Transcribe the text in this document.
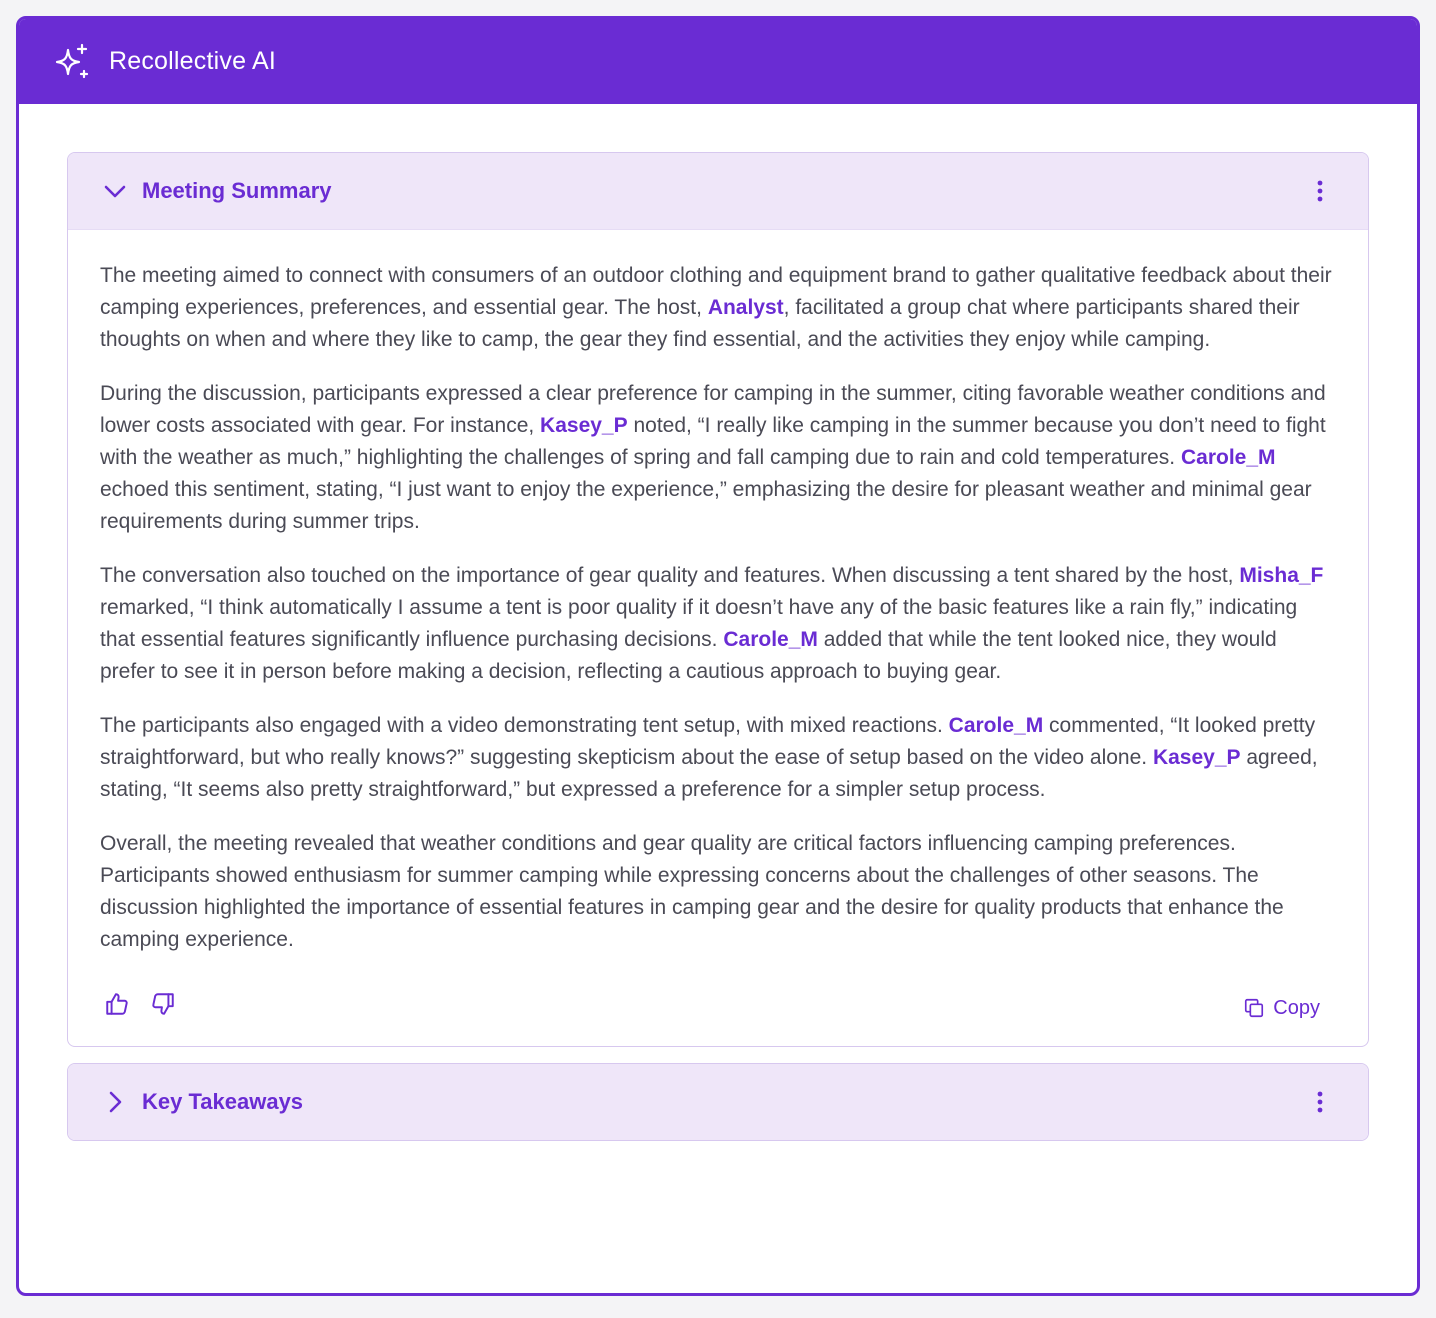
Recollective AI
Meeting Summary

The meeting aimed to connect with consumers of an outdoor clothing and equipment brand to gather qualitative feedback about their camping experiences, preferences, and essential gear. The host, Analyst, facilitated a group chat where participants shared their thoughts on when and where they like to camp, the gear they find essential, and the activities they enjoy while camping.

During the discussion, participants expressed a clear preference for camping in the summer, citing favorable weather conditions and lower costs associated with gear. For instance, Kasey_P noted, “I really like camping in the summer because you don’t need to fight with the weather as much,” highlighting the challenges of spring and fall camping due to rain and cold temperatures. Carole_M echoed this sentiment, stating, “I just want to enjoy the experience,” emphasizing the desire for pleasant weather and minimal gear requirements during summer trips.

The conversation also touched on the importance of gear quality and features. When discussing a tent shared by the host, Misha_F remarked, “I think automatically I assume a tent is poor quality if it doesn’t have any of the basic features like a rain fly,” indicating that essential features significantly influence purchasing decisions. Carole_M added that while the tent looked nice, they would prefer to see it in person before making a decision, reflecting a cautious approach to buying gear.

The participants also engaged with a video demonstrating tent setup, with mixed reactions. Carole_M commented, “It looked pretty straightforward, but who really knows?” suggesting skepticism about the ease of setup based on the video alone. Kasey_P agreed, stating, “It seems also pretty straightforward,” but expressed a preference for a simpler setup process.

Overall, the meeting revealed that weather conditions and gear quality are critical factors influencing camping preferences. Participants showed enthusiasm for summer camping while expressing concerns about the challenges of other seasons. The discussion highlighted the importance of essential features in camping gear and the desire for quality products that enhance the camping experience.

Copy
Key Takeaways
